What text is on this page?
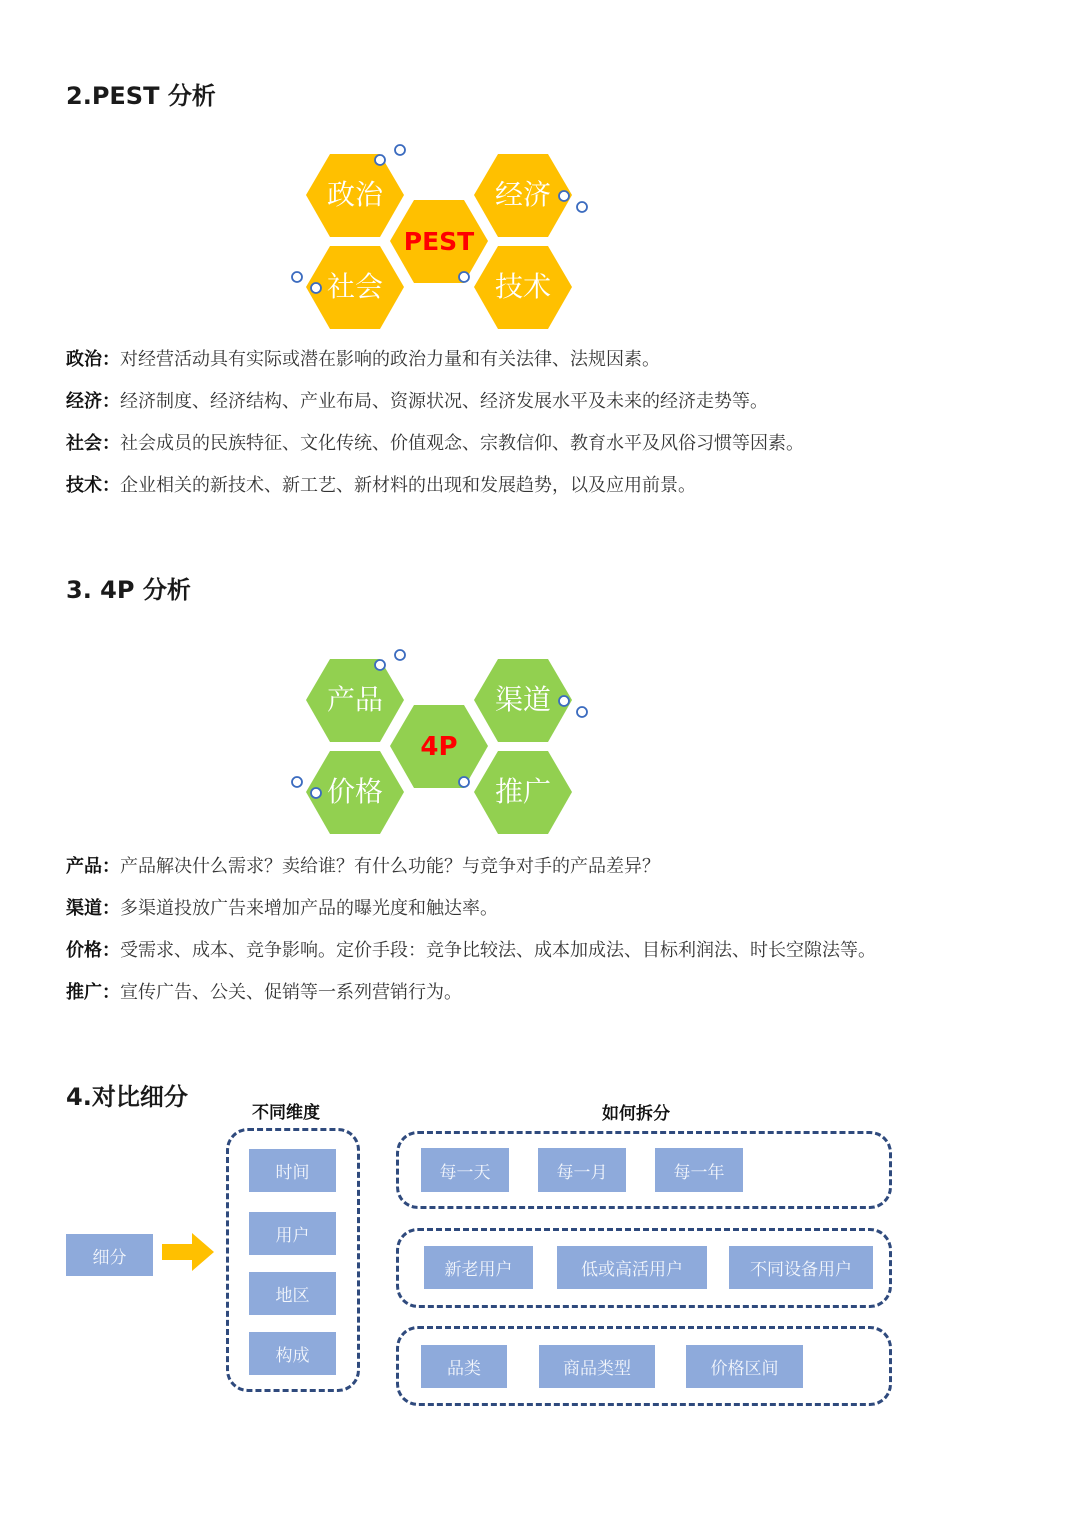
2.PEST 分析
政治	经济
社会	技术
PEST
政治：对经营活动具有实际或潜在影响的政治力量和有关法律、法规因素。
经济：经济制度、经济结构、产业布局、资源状况、经济发展水平及未来的经济走势等。
社会：社会成员的民族特征、文化传统、价值观念、宗教信仰、教育水平及风俗习惯等因素。
技术：企业相关的新技术、新工艺、新材料的出现和发展趋势，以及应用前景。
3. 4P 分析
产品	渠道
价格	推广
4P
产品：产品解决什么需求？卖给谁？有什么功能？与竞争对手的产品差异？
渠道：多渠道投放广告来增加产品的曝光度和触达率。
价格：受需求、成本、竞争影响。定价手段：竞争比较法、成本加成法、目标利润法、时长空隙法等。
推广：宣传广告、公关、促销等一系列营销行为。
4.对比细分
不同维度	如何拆分
细分
时间
用户
地区
构成
每一天	每一月	每一年
新老用户	低或高活用户	不同设备用户
品类	商品类型	价格区间
